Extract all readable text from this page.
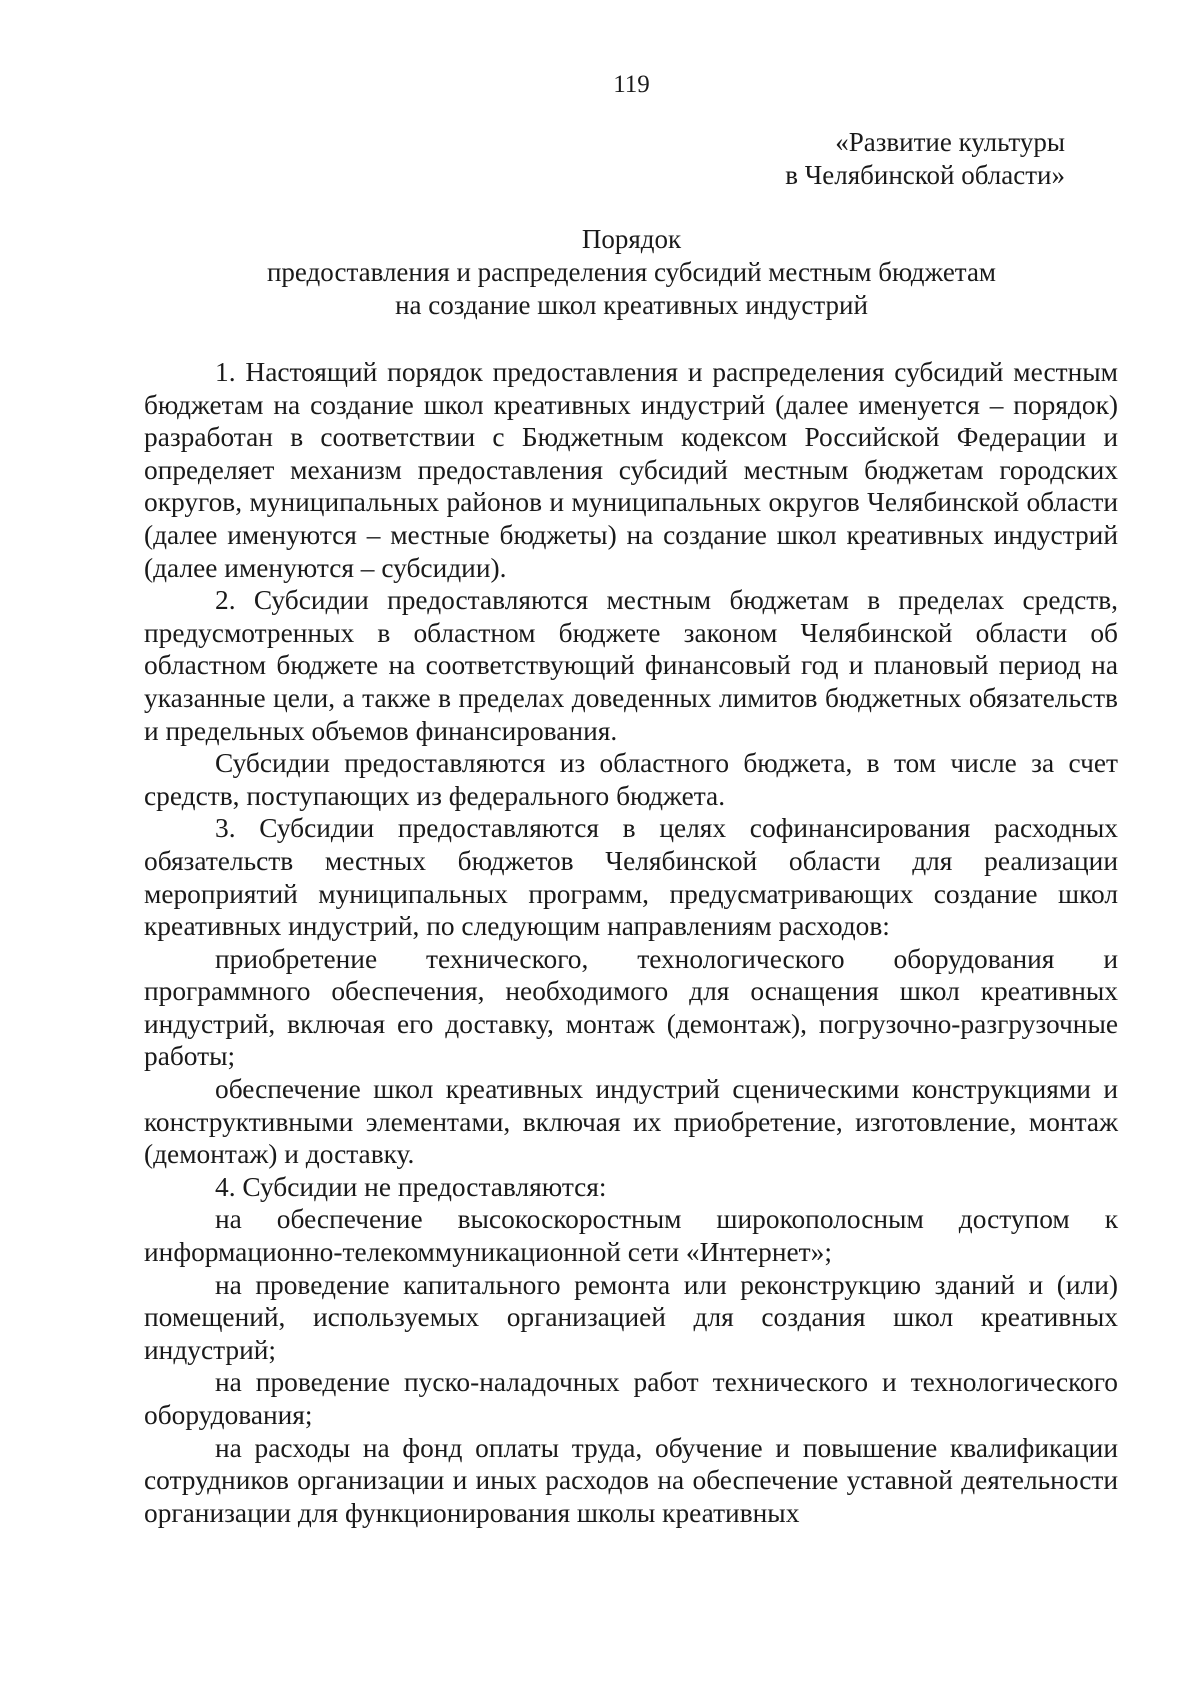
119
«Развитие культуры
в Челябинской области»
Порядок
предоставления и распределения субсидий местным бюджетам
на создание школ креативных индустрий

1. Настоящий порядок предоставления и распределения субсидий местным бюджетам на создание школ креативных индустрий (далее именуется – порядок) разработан в соответствии с Бюджетным кодексом Российской Федерации и определяет механизм предоставления субсидий местным бюджетам городских округов, муниципальных районов и муниципальных округов Челябинской области (далее именуются – местные бюджеты) на создание школ креативных индустрий (далее именуются – субсидии).

2. Субсидии предоставляются местным бюджетам в пределах средств, предусмотренных в областном бюджете законом Челябинской области об областном бюджете на соответствующий финансовый год и плановый период на указанные цели, а также в пределах доведенных лимитов бюджетных обязательств и предельных объемов финансирования.

Субсидии предоставляются из областного бюджета, в том числе за счет средств, поступающих из федерального бюджета.

3. Субсидии предоставляются в целях софинансирования расходных обязательств местных бюджетов Челябинской области для реализации мероприятий муниципальных программ, предусматривающих создание школ креативных индустрий, по следующим направлениям расходов:

приобретение технического, технологического оборудования и программного обеспечения, необходимого для оснащения школ креативных индустрий, включая его доставку, монтаж (демонтаж), погрузочно-разгрузочные работы;

обеспечение школ креативных индустрий сценическими конструкциями и конструктивными элементами, включая их приобретение, изготовление, монтаж (демонтаж) и доставку.

4. Субсидии не предоставляются:

на обеспечение высокоскоростным широкополосным доступом к информационно-телекоммуникационной сети «Интернет»;

на проведение капитального ремонта или реконструкцию зданий и (или) помещений, используемых организацией для создания школ креативных индустрий;

на проведение пуско-наладочных работ технического и технологического оборудования;

на расходы на фонд оплаты труда, обучение и повышение квалификации сотрудников организации и иных расходов на обеспечение уставной деятельности организации для функционирования школы креативных
